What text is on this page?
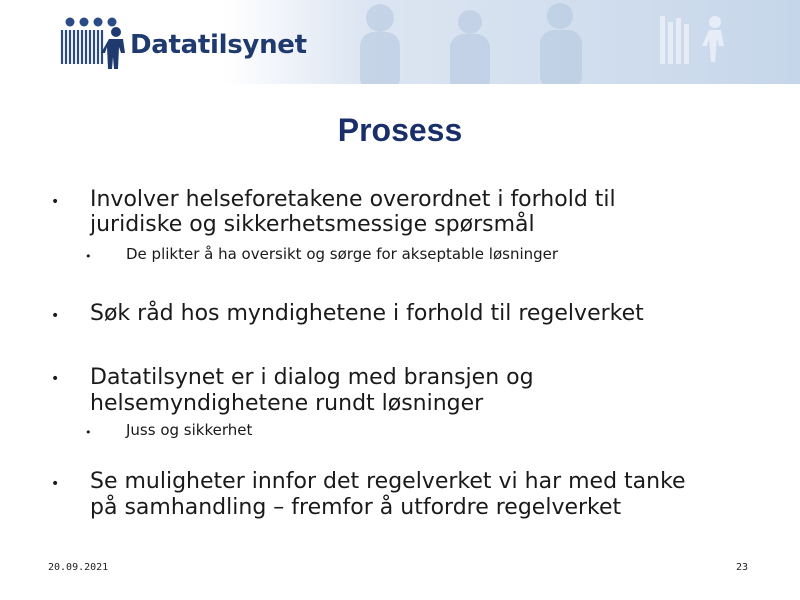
Datatilsynet
Prosess
• Involver helseforetakene overordnet i forhold til
juridiske og sikkerhetsmessige spørsmål
• De plikter å ha oversikt og sørge for akseptable løsninger
• Søk råd hos myndighetene i forhold til regelverket
• Datatilsynet er i dialog med bransjen og
helsemyndighetene rundt løsninger
• Juss og sikkerhet
• Se muligheter innfor det regelverket vi har med tanke
på samhandling – fremfor å utfordre regelverket
20.09.2021	23
